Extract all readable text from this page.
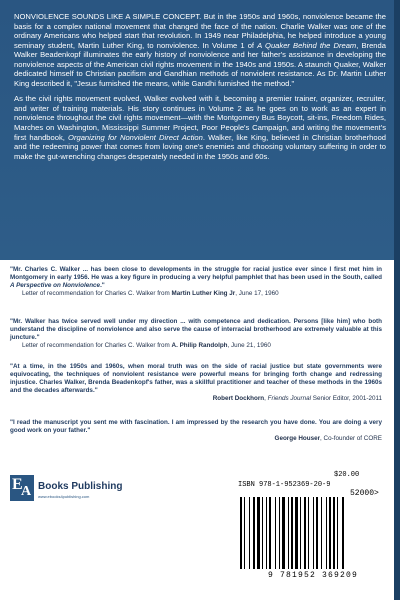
NONVIOLENCE SOUNDS LIKE A SIMPLE CONCEPT. But in the 1950s and 1960s, nonviolence became the basis for a complex national movement that changed the face of the nation. Charlie Walker was one of the ordinary Americans who helped start that revolution. In 1949 near Philadelphia, he helped introduce a young seminary student, Martin Luther King, to nonviolence. In Volume 1 of A Quaker Behind the Dream, Brenda Walker Beadenkopf illuminates the early history of nonviolence and her father's assistance in developing the nonviolence aspects of the American civil rights movement in the 1940s and 1950s. A staunch Quaker, Walker dedicated himself to Christian pacifism and Gandhian methods of nonviolent resistance. As Dr. Martin Luther King described it, "Jesus furnished the means, while Gandhi furnished the method."

As the civil rights movement evolved, Walker evolved with it, becoming a premier trainer, organizer, recruiter, and writer of training materials. His story continues in Volume 2 as he goes on to work as an expert in nonviolence throughout the civil rights movement—with the Montgomery Bus Boycott, sit-ins, Freedom Rides, Marches on Washington, Mississippi Summer Project, Poor People's Campaign, and writing the movement's first handbook, Organizing for Nonviolent Direct Action. Walker, like King, believed in Christian brotherhood and the redeeming power that comes from loving one's enemies and choosing voluntary suffering in order to make the gut-wrenching changes desperately needed in the 1950s and 60s.

"Mr. Charles C. Walker ... has been close to developments in the struggle for racial justice ever since I first met him in Montgomery in early 1956. He was a key figure in producing a very helpful pamphlet that has been used in the South, called A Perspective on Nonviolence."

Letter of recommendation for Charles C. Walker from Martin Luther King Jr, June 17, 1960

"Mr. Walker has twice served well under my direction ... with competence and dedication. Persons [like him] who both understand the discipline of nonviolence and also serve the cause of interracial brotherhood are extremely valuable at this juncture."

Letter of recommendation for Charles C. Walker from A. Philip Randolph, June 21, 1960

"At a time, in the 1950s and 1960s, when moral truth was on the side of racial justice but state governments were equivocating, the techniques of nonviolent resistance were powerful means for bringing forth change and redressing injustice. Charles Walker, Brenda Beadenkopf's father, was a skillful practitioner and teacher of these methods in the 1960s and the decades afterwards."

Robert Dockhorn, Friends Journal Senior Editor, 2001-2011

"I read the manuscript you sent me with fascination. I am impressed by the research you have done. You are doing a very good work on your father."

George Houser, Co-founder of CORE

E
A Books Publishing
www.ebooks4publishing.com
$20.00
ISBN 978-1-952369-20-9
52000>
9 781952 369209
